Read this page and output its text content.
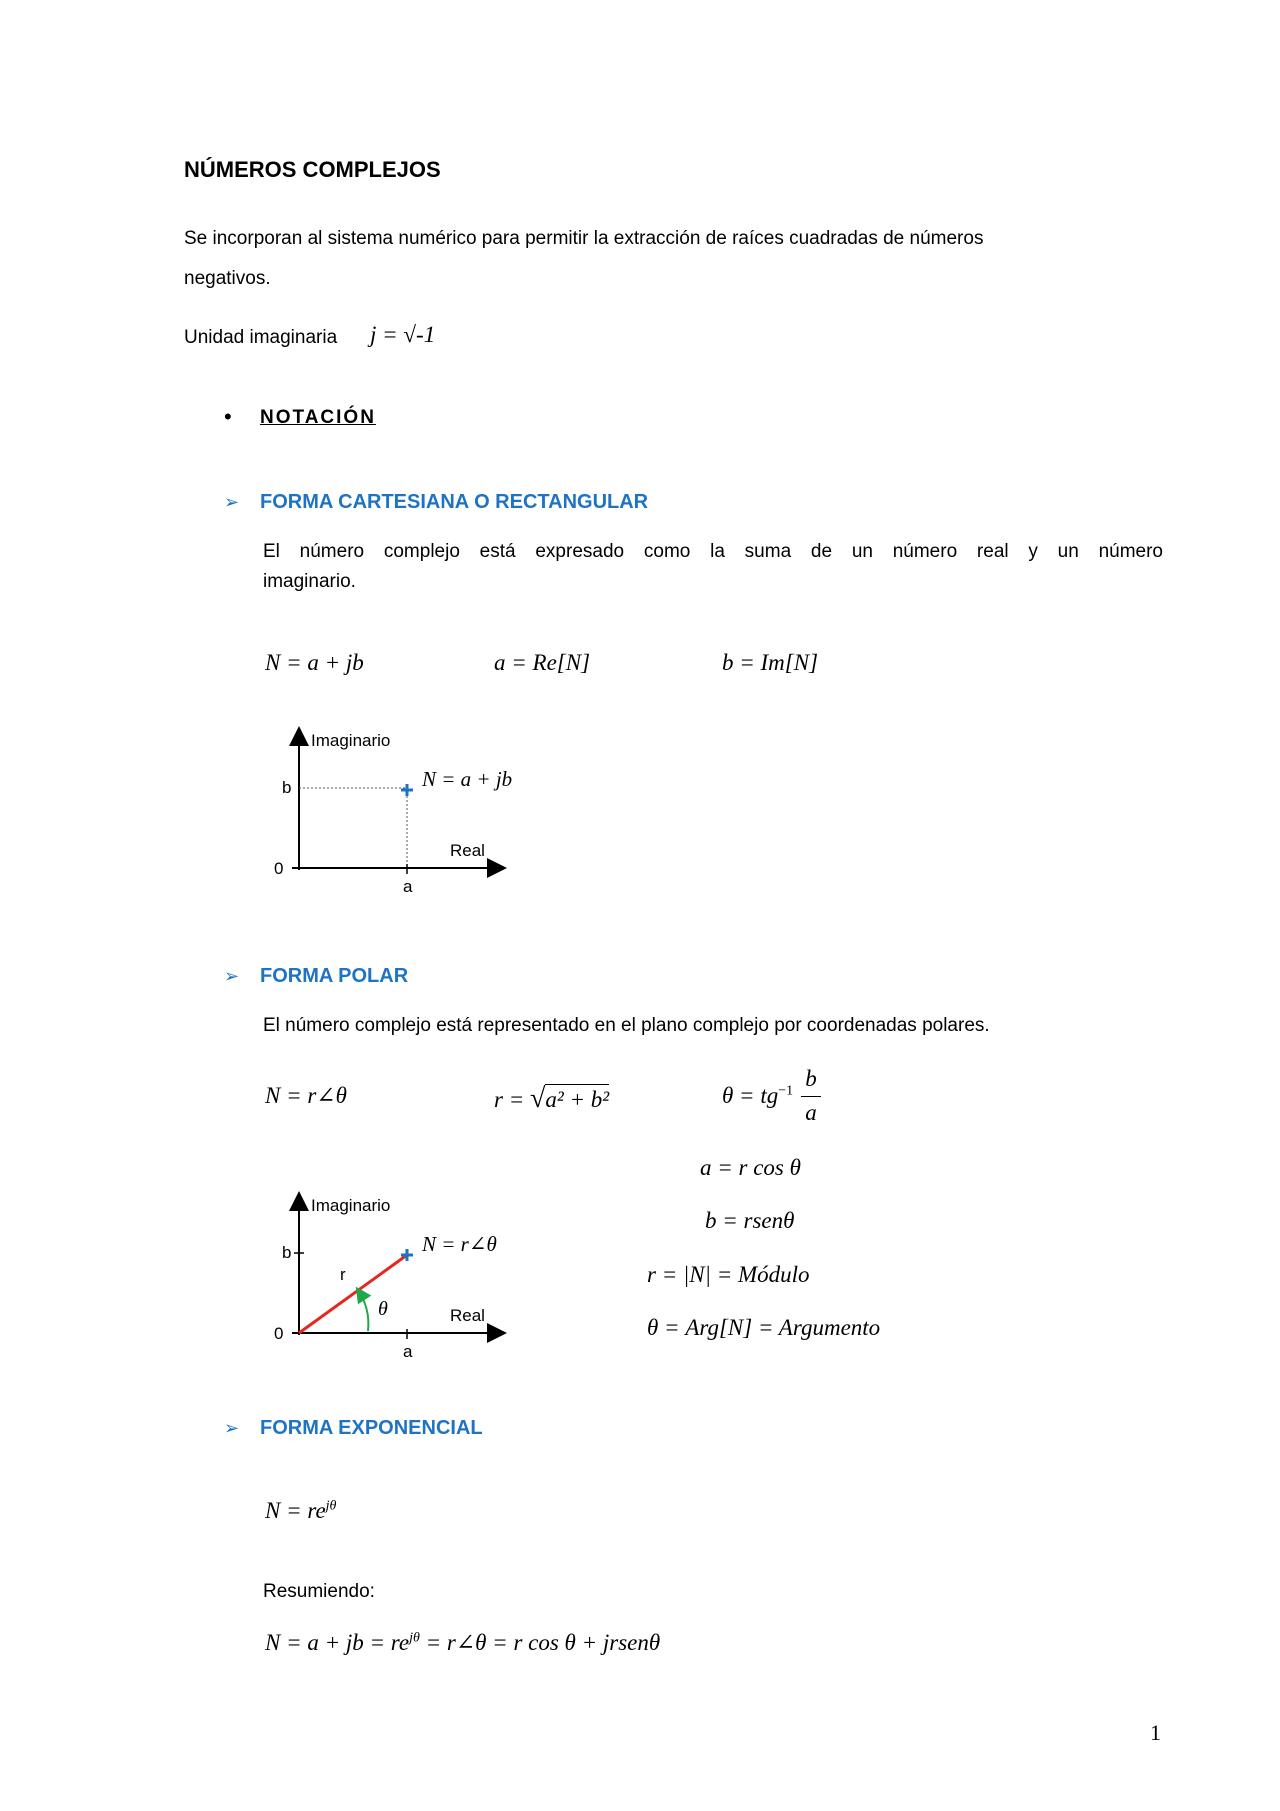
NÚMEROS COMPLEJOS
Se incorporan al sistema numérico para permitir la extracción de raíces cuadradas de números
negativos.
Unidad imaginaria j = √-1
• NOTACIÓN
➢ FORMA CARTESIANA O RECTANGULAR
El número complejo está expresado como la suma de un número real y un número
imaginario.
N = a + jb	a = Re[N]	b = Im[N]
Imaginario
Real
0
b
a
N = a + jb
➢ FORMA POLAR
El número complejo está representado en el plano complejo por coordenadas polares.
N = r∠θ	r = √a² + b²	$\theta = tg^{-1}$ b
a
a = r cos θ
b = rsenθ
r = |N| = Módulo
θ = Arg[N] = Argumento
Imaginario
Real
0
b
a
r
θ
N = r∠θ
➢ FORMA EXPONENCIAL
$N = re^{j\theta}$
Resumiendo:
N = a + jb = $re^{j\theta}$ = r∠θ = r cos θ + jrsenθ
1
